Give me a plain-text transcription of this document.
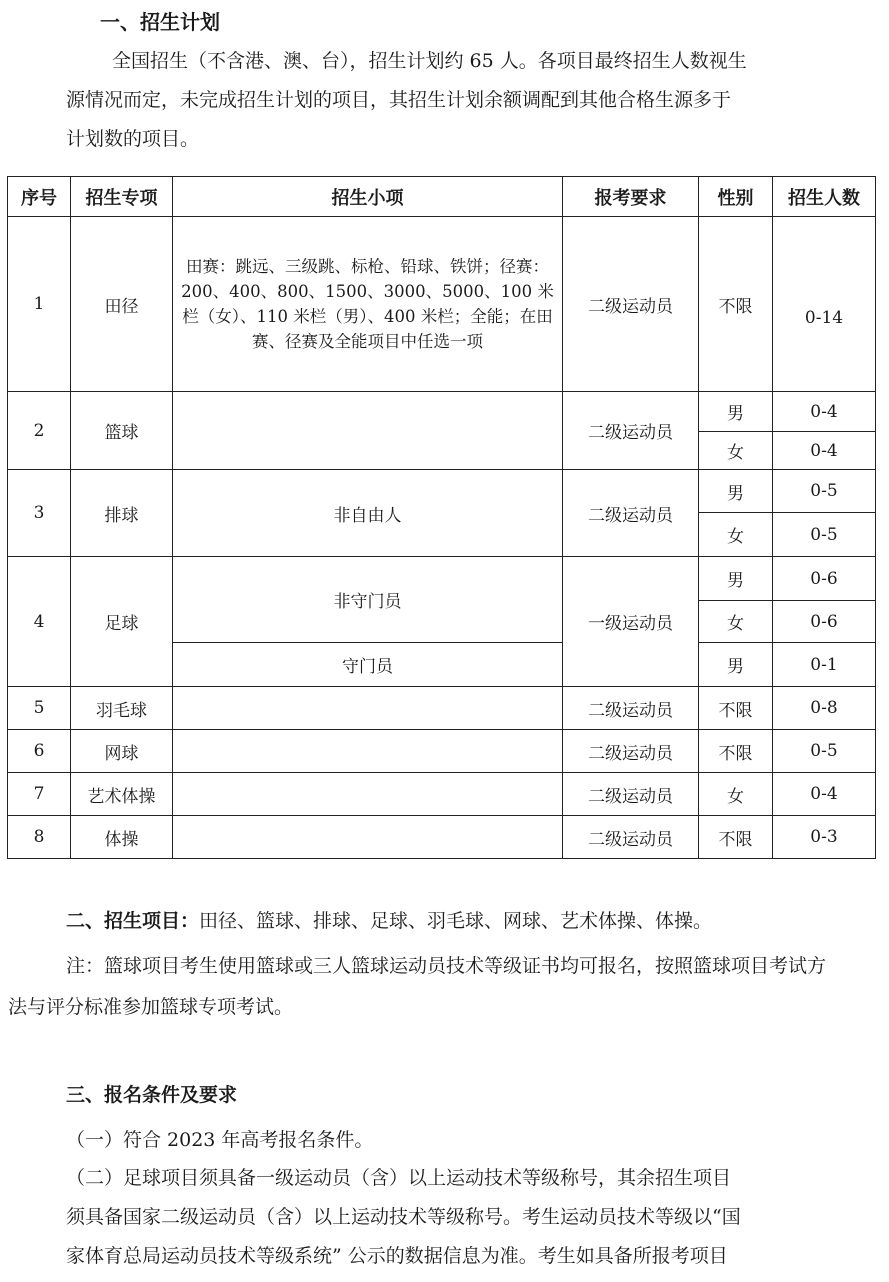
一、招生计划
全国招生（不含港、澳、台），招生计划约 65 人。各项目最终招生人数视生
源情况而定，未完成招生计划的项目，其招生计划余额调配到其他合格生源多于
计划数的项目。
序号	招生专项	招生小项	报考要求	性别	招生人数
1	田径	田赛：跳远、三级跳、标枪、铅球、铁饼；径赛： 200、400、800、1500、3000、5000、100 米栏（女）、110 米栏（男）、400 米栏；全能；在田赛、径赛及全能项目中任选一项	二级运动员	不限	0-14
2	篮球		二级运动员	男	0-4
				女	0-4
3	排球	非自由人	二级运动员	男	0-5
				女	0-5
4	足球	非守门员	一级运动员	男	0-6
				女	0-6
		守门员		男	0-1
5	羽毛球		二级运动员	不限	0-8
6	网球		二级运动员	不限	0-5
7	艺术体操		二级运动员	女	0-4
8	体操		二级运动员	不限	0-3
二、招生项目：田径、篮球、排球、足球、羽毛球、网球、艺术体操、体操。
注：篮球项目考生使用篮球或三人篮球运动员技术等级证书均可报名，按照篮球项目考试方法与评分标准参加篮球专项考试。
三、报名条件及要求
（一）符合 2023 年高考报名条件。
（二）足球项目须具备一级运动员（含）以上运动技术等级称号，其余招生项目
须具备国家二级运动员（含）以上运动技术等级称号。考生运动员技术等级以“国
家体育总局运动员技术等级系统” 公示的数据信息为准。考生如具备所报考项目
